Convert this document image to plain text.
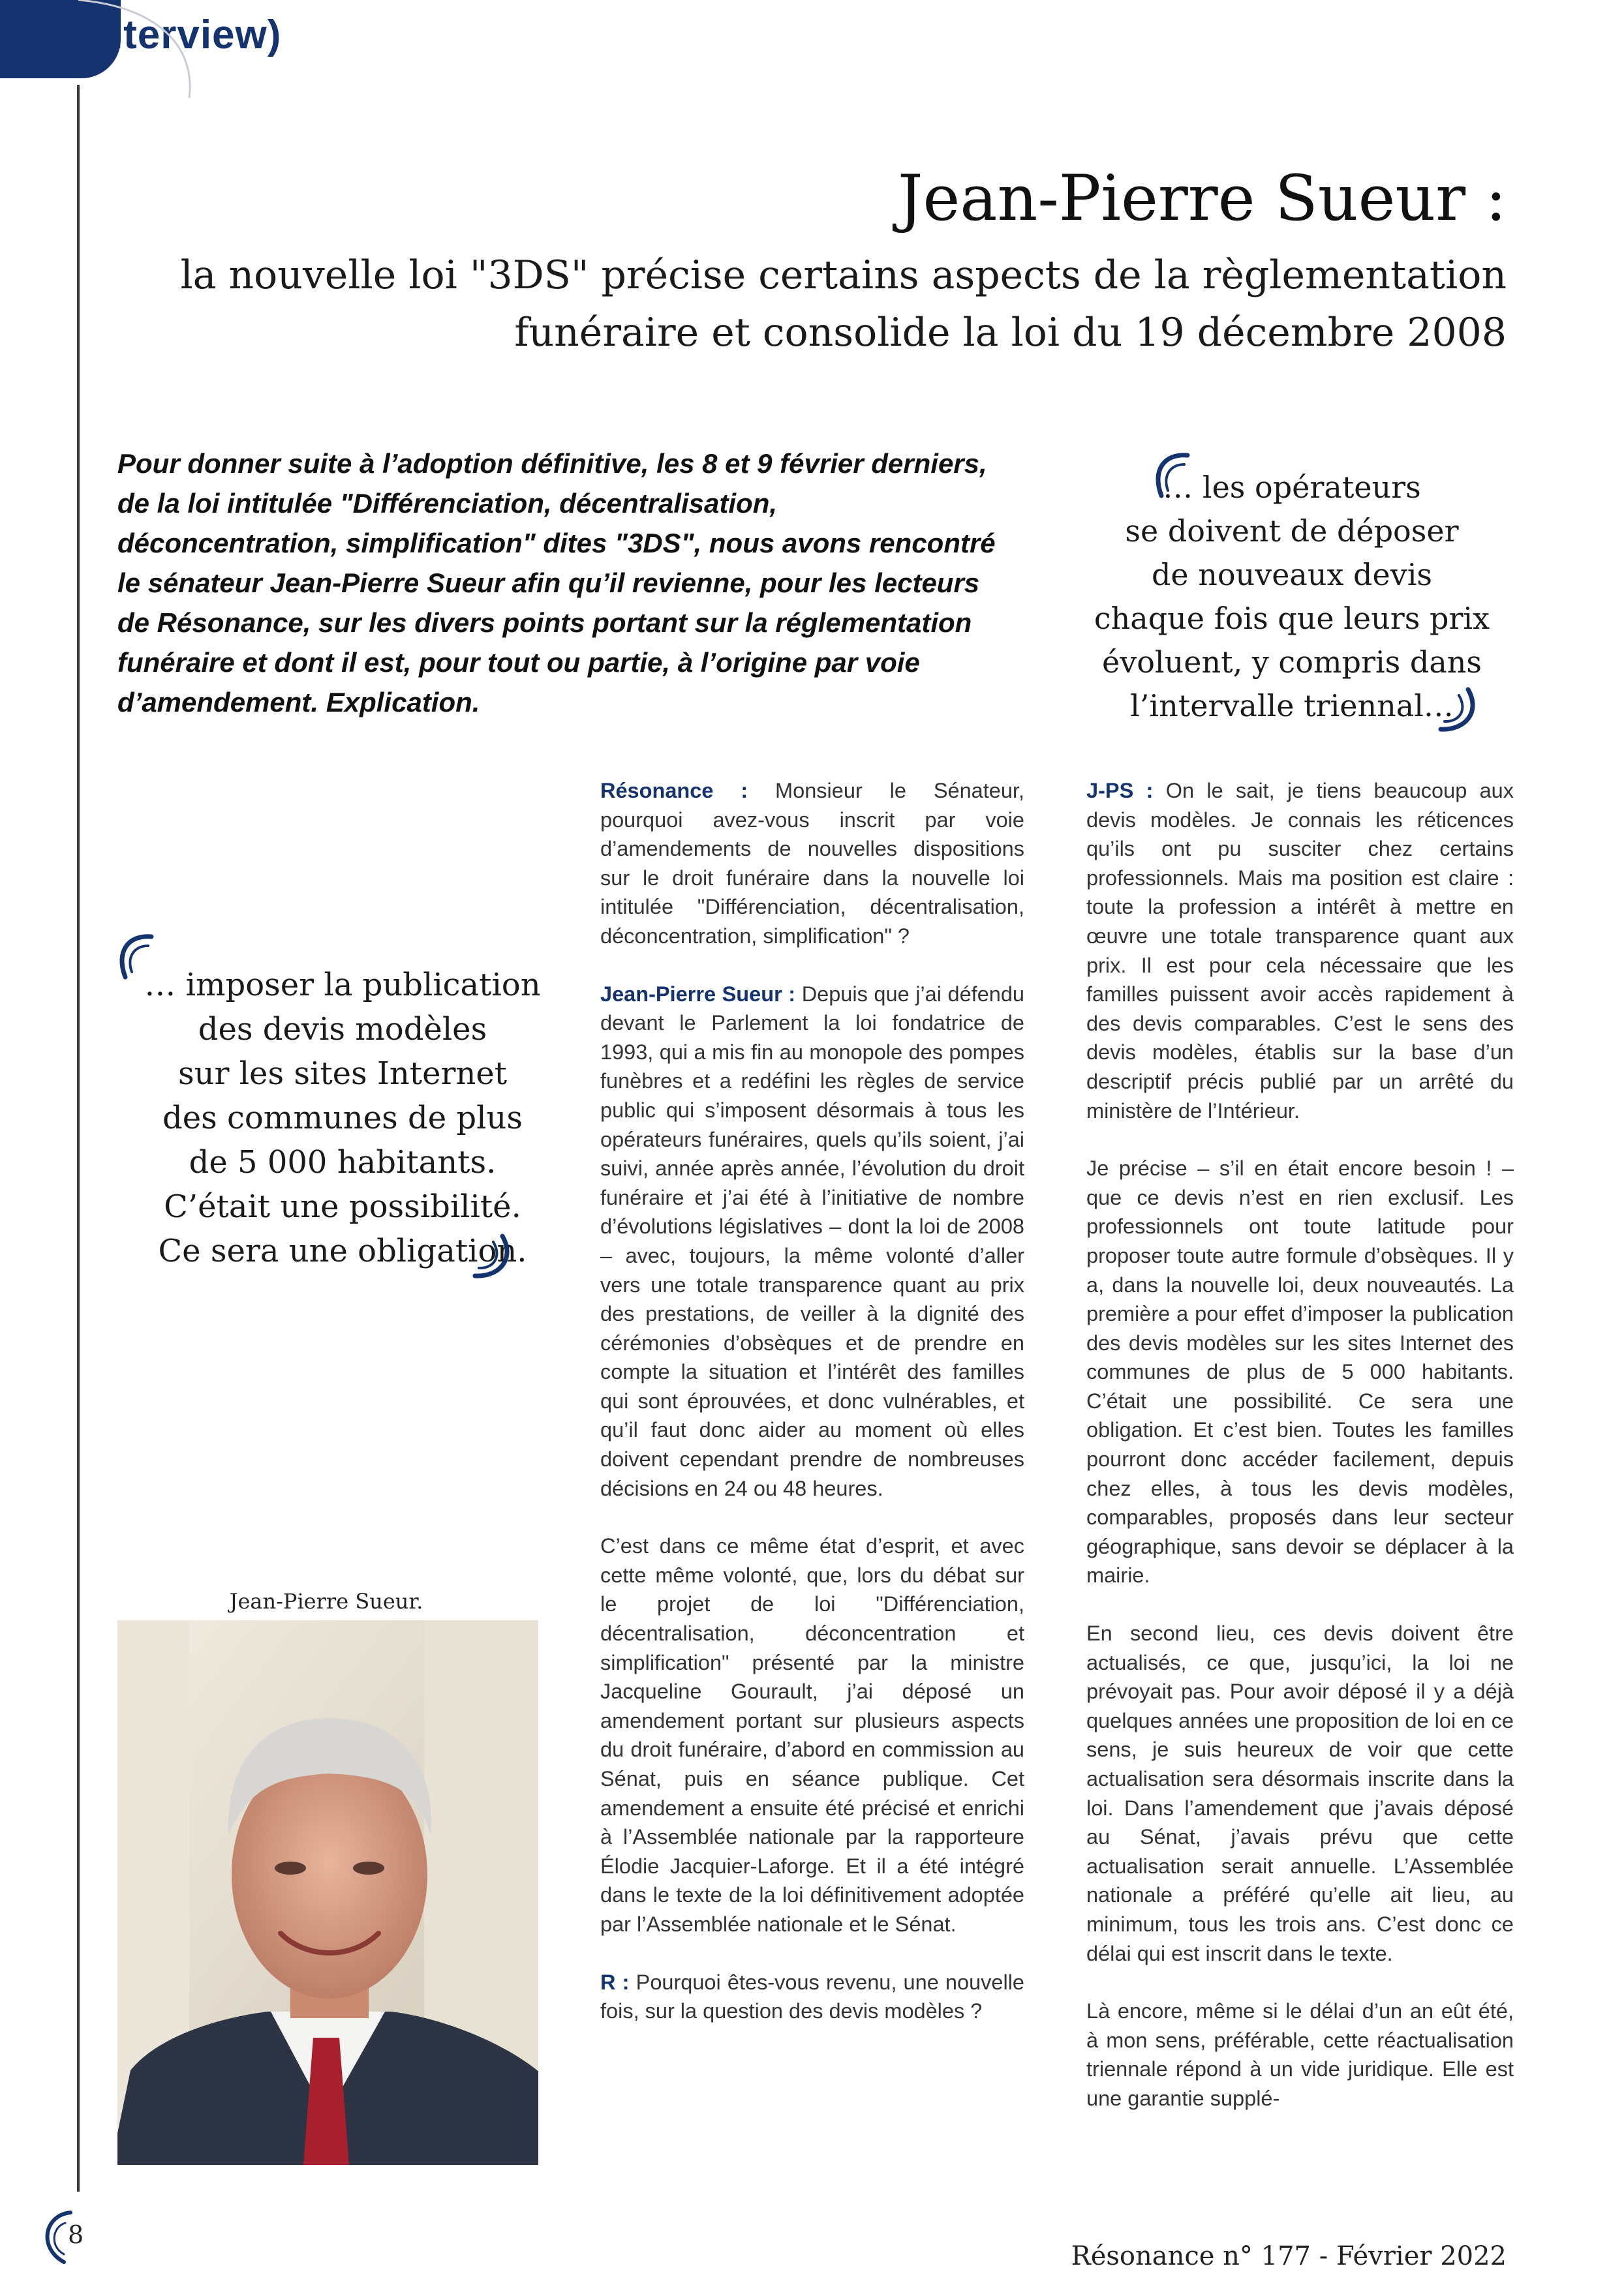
Interview)
Jean-Pierre Sueur :
la nouvelle loi "3DS" précise certains aspects de la règlementation
funéraire et consolide la loi du 19 décembre 2008
Pour donner suite à l’adoption définitive, les 8 et 9 février derniers, de la loi intitulée "Différenciation, décentralisation, déconcentration, simplification" dites "3DS", nous avons rencontré le sénateur Jean-Pierre Sueur afin qu’il revienne, pour les lecteurs de Résonance, sur les divers points portant sur la réglementation funéraire et dont il est, pour tout ou partie, à l’origine par voie d’amendement. Explication.
… les opérateurs
se doivent de déposer
de nouveaux devis
chaque fois que leurs prix
évoluent, y compris dans
l’intervalle triennal…
… imposer la publication
des devis modèles
sur les sites Internet
des communes de plus
de 5 000 habitants.
C’était une possibilité.
Ce sera une obligation.

Résonance : Monsieur le Sénateur, pourquoi avez-vous inscrit par voie d’amendements de nouvelles dispositions sur le droit funéraire dans la nouvelle loi intitulée "Différenciation, décentralisation, déconcentration, simplification" ?

Jean-Pierre Sueur : Depuis que j’ai défendu devant le Parlement la loi fondatrice de 1993, qui a mis fin au monopole des pompes funèbres et a redéfini les règles de service public qui s’imposent désormais à tous les opérateurs funéraires, quels qu’ils soient, j’ai suivi, année après année, l’évolution du droit funéraire et j’ai été à l’initiative de nombre d’évolutions législatives – dont la loi de 2008 – avec, toujours, la même volonté d’aller vers une totale transparence quant au prix des prestations, de veiller à la dignité des cérémonies d’obsèques et de prendre en compte la situation et l’intérêt des familles qui sont éprouvées, et donc vulnérables, et qu’il faut donc aider au moment où elles doivent cependant prendre de nombreuses décisions en 24 ou 48 heures.

C’est dans ce même état d’esprit, et avec cette même volonté, que, lors du débat sur le projet de loi "Différenciation, décentralisation, déconcentration et simplification" présenté par la ministre Jacqueline Gourault, j’ai déposé un amendement portant sur plusieurs aspects du droit funéraire, d’abord en commission au Sénat, puis en séance publique. Cet amendement a ensuite été précisé et enrichi à l’Assemblée nationale par la rapporteure Élodie Jacquier-Laforge. Et il a été intégré dans le texte de la loi définitivement adoptée par l’Assemblée nationale et le Sénat.

R : Pourquoi êtes-vous revenu, une nouvelle fois, sur la question des devis modèles ?

J-PS : On le sait, je tiens beaucoup aux devis modèles. Je connais les réticences qu’ils ont pu susciter chez certains professionnels. Mais ma position est claire : toute la profession a intérêt à mettre en œuvre une totale transparence quant aux prix. Il est pour cela nécessaire que les familles puissent avoir accès rapidement à des devis comparables. C’est le sens des devis modèles, établis sur la base d’un descriptif précis publié par un arrêté du ministère de l’Intérieur.

Je précise – s’il en était encore besoin ! – que ce devis n’est en rien exclusif. Les professionnels ont toute latitude pour proposer toute autre formule d’obsèques. Il y a, dans la nouvelle loi, deux nouveautés. La première a pour effet d’imposer la publication des devis modèles sur les sites Internet des communes de plus de 5 000 habitants. C’était une possibilité. Ce sera une obligation. Et c’est bien. Toutes les familles pourront donc accéder facilement, depuis chez elles, à tous les devis modèles, comparables, proposés dans leur secteur géographique, sans devoir se déplacer à la mairie.

En second lieu, ces devis doivent être actualisés, ce que, jusqu’ici, la loi ne prévoyait pas. Pour avoir déposé il y a déjà quelques années une proposition de loi en ce sens, je suis heureux de voir que cette actualisation sera désormais inscrite dans la loi. Dans l’amendement que j’avais déposé au Sénat, j’avais prévu que cette actualisation serait annuelle. L’Assemblée nationale a préféré qu’elle ait lieu, au minimum, tous les trois ans. C’est donc ce délai qui est inscrit dans le texte.

Là encore, même si le délai d’un an eût été, à mon sens, préférable, cette réactualisation triennale répond à un vide juridique. Elle est une garantie supplé-

Jean-Pierre Sueur.
8
Résonance n° 177 - Février 2022
